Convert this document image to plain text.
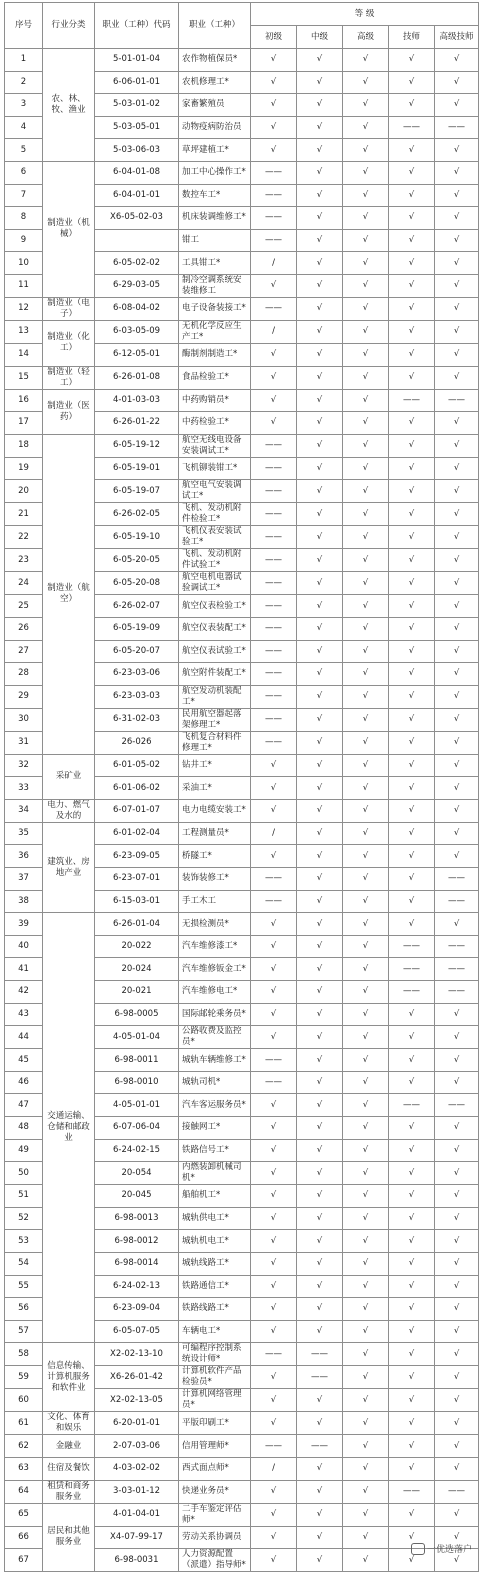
序号	行业分类	职业（工种）代码	职业（工种）	等 级				
				初级	中级	高级	技师	高级技师
1	农、林、牧、渔业	5-01-01-04	农作物植保员*	√	√	√	√	√
2		6-06-01-01	农机修理工*	√	√	√	√	√
3		5-03-01-02	家畜繁殖员	√	√	√	√	√
4		5-03-05-01	动物疫病防治员	√	√	√	——	——
5		5-03-06-03	草坪建植工*	√	√	√	√	√
6	制造业（机械）	6-04-01-08	加工中心操作工*	——	√	√	√	√
7		6-04-01-01	数控车工*	——	√	√	√	√
8		X6-05-02-03	机床装调维修工*	——	√	√	√	√
9			钳工	——	√	√	√	√
10		6-05-02-02	工具钳工*	/	√	√	√	√
11		6-29-03-05	制冷空调系统安装维修工	√	√	√	√	√
12	制造业（电子）	6-08-04-02	电子设备装接工*	——	√	√	√	√
13	制造业（化工）	6-03-05-09	无机化学反应生产工*	/	√	√	√	√
14		6-12-05-01	酶制剂制造工*	√	√	√	√	√
15	制造业（轻工）	6-26-01-08	食品检验工*	√	√	√	√	√
16	制造业（医药）	4-01-03-03	中药购销员*	√	√	√	——	——
17		6-26-01-22	中药检验工*	√	√	√	√	√
18	制造业（航空）	6-05-19-12	航空无线电设备安装调试工*	——	√	√	√	√
19		6-05-19-01	飞机铆装钳工*	——	√	√	√	√
20		6-05-19-07	航空电气安装调试工*	——	√	√	√	√
21		6-26-02-05	飞机、发动机附件检验工*	——	√	√	√	√
22		6-05-19-10	飞机仪表安装试验工*	——	√	√	√	√
23		6-05-20-05	飞机、发动机附件试验工*	——	√	√	√	√
24		6-05-20-08	航空电机电器试验调试工*	——	√	√	√	√
25		6-26-02-07	航空仪表检验工*	——	√	√	√	√
26		6-05-19-09	航空仪表装配工*	——	√	√	√	√
27		6-05-20-07	航空仪表试验工*	——	√	√	√	√
28		6-23-03-06	航空附件装配工*	——	√	√	√	√
29		6-23-03-03	航空发动机装配工*	——	√	√	√	√
30		6-31-02-03	民用航空器起落架修理工*	——	√	√	√	√
31		26-026	飞机复合材料件修理工*	——	√	√	√	√
32	采矿业	6-01-05-02	钻井工*	√	√	√	√	√
33		6-01-06-02	采油工*	√	√	√	√	√
34	电力、燃气及水的	6-07-01-07	电力电缆安装工*	√	√	√	√	√
35	建筑业、房地产业	6-01-02-04	工程测量员*	/	√	√	√	√
36		6-23-09-05	桥隧工*	√	√	√	√	√
37		6-23-07-01	装饰装修工*	——	√	√	√	——
38		6-15-03-01	手工木工	——	√	√	√	——
39	交通运输、仓储和邮政业	6-26-01-04	无损检测员*	√	√	√	√	√
40		20-022	汽车维修漆工*	√	√	√	——	——
41		20-024	汽车维修钣金工*	√	√	√	——	——
42		20-021	汽车维修电工*	√	√	√	——	——
43		6-98-0005	国际邮轮乘务员*	√	√	√	√	√
44		4-05-01-04	公路收费及监控员*	√	√	√	√	√
45		6-98-0011	城轨车辆维修工*	——	√	√	√	√
46		6-98-0010	城轨司机*	——	√	√	√	√
47		4-05-01-01	汽车客运服务员*	√	√	√	——	——
48		6-07-06-04	接触网工*	√	√	√	√	√
49		6-24-02-15	铁路信号工*	√	√	√	√	√
50		20-054	内燃装卸机械司机*	√	√	√	√	√
51		20-045	船舶机工*	√	√	√	√	√
52		6-98-0013	城轨供电工*	√	√	√	√	√
53		6-98-0012	城轨机电工*	√	√	√	√	√
54		6-98-0014	城轨线路工*	√	√	√	√	√
55		6-24-02-13	铁路通信工*	√	√	√	√	√
56		6-23-09-04	铁路线路工*	√	√	√	√	√
57		6-05-07-05	车辆电工*	√	√	√	√	√
58	信息传输、计算机服务和软件业	X2-02-13-10	可编程序控制系统设计师*	——	——	√	√	√
59		X6-26-01-42	计算机软件产品检验员*	√	——	√	√	√
60		X2-02-13-05	计算机网络管理员*	√	√	√	√	√
61	文化、体育和娱乐	6-20-01-01	平版印刷工*	√	√	√	√	√
62	金融业	2-07-03-06	信用管理师*	——	——	√	√	√
63	住宿及餐饮	4-03-02-02	西式面点师*	/	√	√	√	√
64	租赁和商务服务业	3-03-01-12	快递业务员*	√	√	√	——	——
65	居民和其他服务业	4-01-04-01	二手车鉴定评估师*	√	√	√	√	√
66		X4-07-99-17	劳动关系协调员	√	√	√	√	√
67		6-98-0031	人力资源配置（派遣）指导师*	√	√	√	√	√
一优选落户
